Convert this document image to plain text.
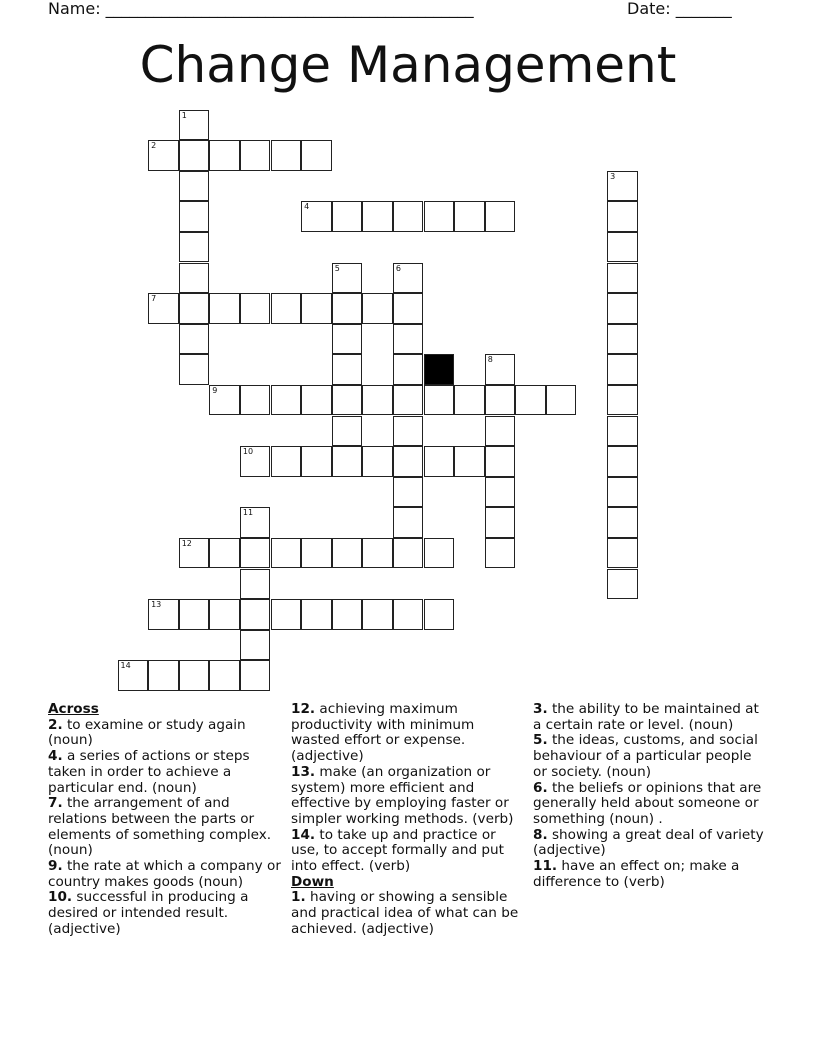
Name: ______________________________________________	Date: _______
Change Management
1
2
3
4
5	6
7
8
9
10
11
12
13
14
Across
2. to examine or study again (noun)
4. a series of actions or steps taken in order to achieve a particular end. (noun)
7. the arrangement of and relations between the parts or elements of something complex. (noun)
9. the rate at which a company or country makes goods (noun)
10. successful in producing a desired or intended result. (adjective)
12. achieving maximum productivity with minimum wasted effort or expense. (adjective)
13. make (an organization or system) more efficient and effective by employing faster or simpler working methods. (verb)
14. to take up and practice or use, to accept formally and put into effect. (verb)
Down
1. having or showing a sensible and practical idea of what can be achieved. (adjective)
3. the ability to be maintained at a certain rate or level. (noun)
5. the ideas, customs, and social behaviour of a particular people or society. (noun)
6. the beliefs or opinions that are generally held about someone or something (noun) .
8. showing a great deal of variety (adjective)
11. have an effect on; make a difference to (verb)
